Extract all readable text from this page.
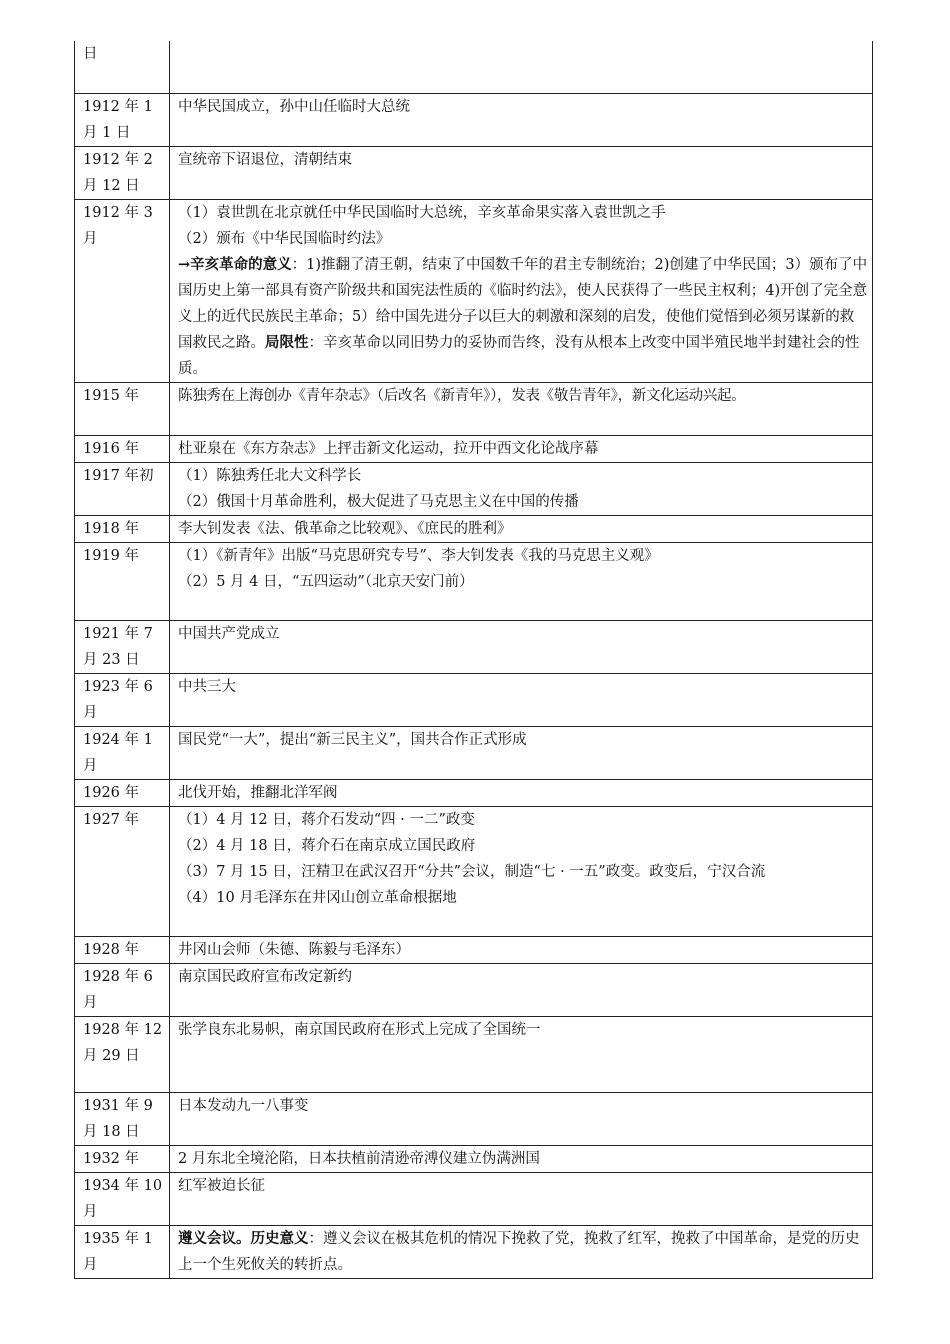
日	
1912 年 1 月 1 日	中华民国成立，孙中山任临时大总统
1912 年 2 月 12 日	宣统帝下诏退位，清朝结束
1912 年 3 月	（1）袁世凯在北京就任中华民国临时大总统，辛亥革命果实落入袁世凯之手
（2）颁布《中华民国临时约法》
→辛亥革命的意义：1)推翻了清王朝，结束了中国数千年的君主专制统治；2)创建了中华民国；3）颁布了中国历史上第一部具有资产阶级共和国宪法性质的《临时约法》，使人民获得了一些民主权利；4)开创了完全意义上的近代民族民主革命；5）给中国先进分子以巨大的刺激和深刻的启发，使他们觉悟到必须另谋新的救国救民之路。局限性：辛亥革命以同旧势力的妥协而告终，没有从根本上改变中国半殖民地半封建社会的性质。

1915 年	陈独秀在上海创办《青年杂志》（后改名《新青年》），发表《敬告青年》，新文化运动兴起。

1916 年	杜亚泉在《东方杂志》上抨击新文化运动，拉开中西文化论战序幕
1917 年初	（1）陈独秀任北大文科学长
（2）俄国十月革命胜利，极大促进了马克思主义在中国的传播

1918 年	李大钊发表《法、俄革命之比较观》、《庶民的胜利》
1919 年	（1）《新青年》出版“马克思研究专号”、李大钊发表《我的马克思主义观》
（2）5 月 4 日，“五四运动”（北京天安门前）

1921 年 7 月 23 日	中国共产党成立
1923 年 6 月	中共三大
1924 年 1 月	国民党“一大”，提出“新三民主义”，国共合作正式形成
1926 年	北伐开始，推翻北洋军阀
1927 年	（1）4 月 12 日，蒋介石发动“四 · 一二”政变
（2）4 月 18 日，蒋介石在南京成立国民政府
（3）7 月 15 日，汪精卫在武汉召开“分共”会议，制造“七 · 一五”政变。政变后，宁汉合流
（4）10 月毛泽东在井冈山创立革命根据地

1928 年	井冈山会师（朱德、陈毅与毛泽东）
1928 年 6 月	南京国民政府宣布改定新约
1928 年 12 月 29 日	张学良东北易帜，南京国民政府在形式上完成了全国统一
1931 年 9 月 18 日	日本发动九一八事变
1932 年	2 月东北全境沦陷，日本扶植前清逊帝溥仪建立伪满洲国
1934 年 10 月	红军被迫长征
1935 年 1 月	遵义会议。历史意义：遵义会议在极其危机的情况下挽救了党，挽救了红军，挽救了中国革命，是党的历史上一个生死攸关的转折点。
